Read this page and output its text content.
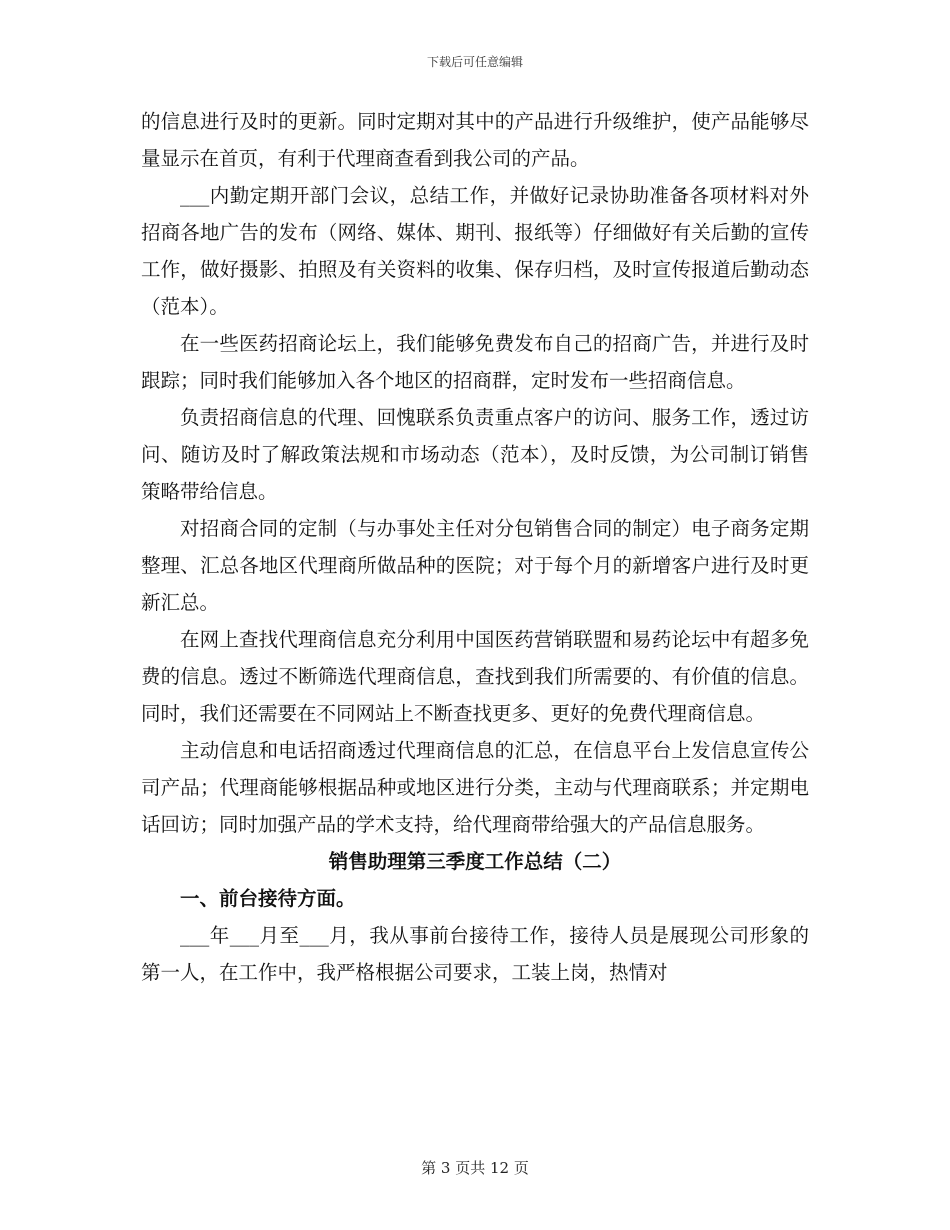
下载后可任意编辑

的信息进行及时的更新。同时定期对其中的产品进行升级维护，使产品能够尽量显示在首页，有利于代理商查看到我公司的产品。

___内勤定期开部门会议，总结工作，并做好记录协助准备各项材料对外招商各地广告的发布（网络、媒体、期刊、报纸等）仔细做好有关后勤的宣传工作，做好摄影、拍照及有关资料的收集、保存归档，及时宣传报道后勤动态（范本）。

在一些医药招商论坛上，我们能够免费发布自己的招商广告，并进行及时跟踪；同时我们能够加入各个地区的招商群，定时发布一些招商信息。

负责招商信息的代理、回愧联系负责重点客户的访问、服务工作，透过访问、随访及时了解政策法规和市场动态（范本），及时反馈，为公司制订销售策略带给信息。

对招商合同的定制（与办事处主任对分包销售合同的制定）电子商务定期整理、汇总各地区代理商所做品种的医院；对于每个月的新增客户进行及时更新汇总。

在网上查找代理商信息充分利用中国医药营销联盟和易药论坛中有超多免费的信息。透过不断筛选代理商信息，查找到我们所需要的、有价值的信息。同时，我们还需要在不同网站上不断查找更多、更好的免费代理商信息。

主动信息和电话招商透过代理商信息的汇总，在信息平台上发信息宣传公司产品；代理商能够根据品种或地区进行分类，主动与代理商联系；并定期电话回访；同时加强产品的学术支持，给代理商带给强大的产品信息服务。

销售助理第三季度工作总结（二）

一、前台接待方面。

___年___月至___月，我从事前台接待工作，接待人员是展现公司形象的第一人，在工作中，我严格根据公司要求，工装上岗，热情对

第 3 页共 12 页
